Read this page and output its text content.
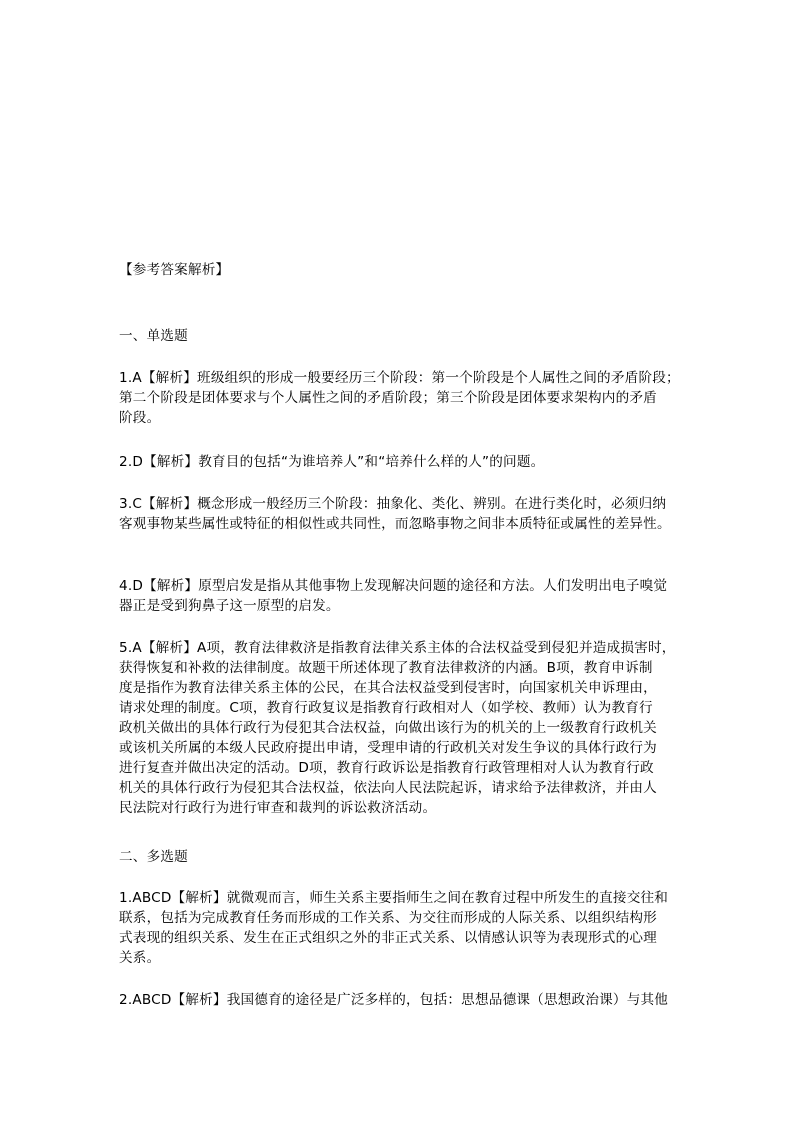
【参考答案解析】
一、单选题
1.A【解析】班级组织的形成一般要经历三个阶段：第一个阶段是个人属性之间的矛盾阶段；
第二个阶段是团体要求与个人属性之间的矛盾阶段；第三个阶段是团体要求架构内的矛盾
阶段。
2.D【解析】教育目的包括“为谁培养人”和“培养什么样的人”的问题。
3.C【解析】概念形成一般经历三个阶段：抽象化、类化、辨别。在进行类化时，必须归纳
客观事物某些属性或特征的相似性或共同性，而忽略事物之间非本质特征或属性的差异性。
4.D【解析】原型启发是指从其他事物上发现解决问题的途径和方法。人们发明出电子嗅觉
器正是受到狗鼻子这一原型的启发。
5.A【解析】A项，教育法律救济是指教育法律关系主体的合法权益受到侵犯并造成损害时，
获得恢复和补救的法律制度。故题干所述体现了教育法律救济的内涵。B项，教育申诉制
度是指作为教育法律关系主体的公民，在其合法权益受到侵害时，向国家机关申诉理由，
请求处理的制度。C项，教育行政复议是指教育行政相对人（如学校、教师）认为教育行
政机关做出的具体行政行为侵犯其合法权益，向做出该行为的机关的上一级教育行政机关
或该机关所属的本级人民政府提出申请，受理申请的行政机关对发生争议的具体行政行为
进行复查并做出决定的活动。D项，教育行政诉讼是指教育行政管理相对人认为教育行政
机关的具体行政行为侵犯其合法权益，依法向人民法院起诉，请求给予法律救济，并由人
民法院对行政行为进行审查和裁判的诉讼救济活动。
二、多选题
1.ABCD【解析】就微观而言，师生关系主要指师生之间在教育过程中所发生的直接交往和
联系，包括为完成教育任务而形成的工作关系、为交往而形成的人际关系、以组织结构形
式表现的组织关系、发生在正式组织之外的非正式关系、以情感认识等为表现形式的心理
关系。
2.ABCD【解析】我国德育的途径是广泛多样的，包括：思想品德课（思想政治课）与其他
